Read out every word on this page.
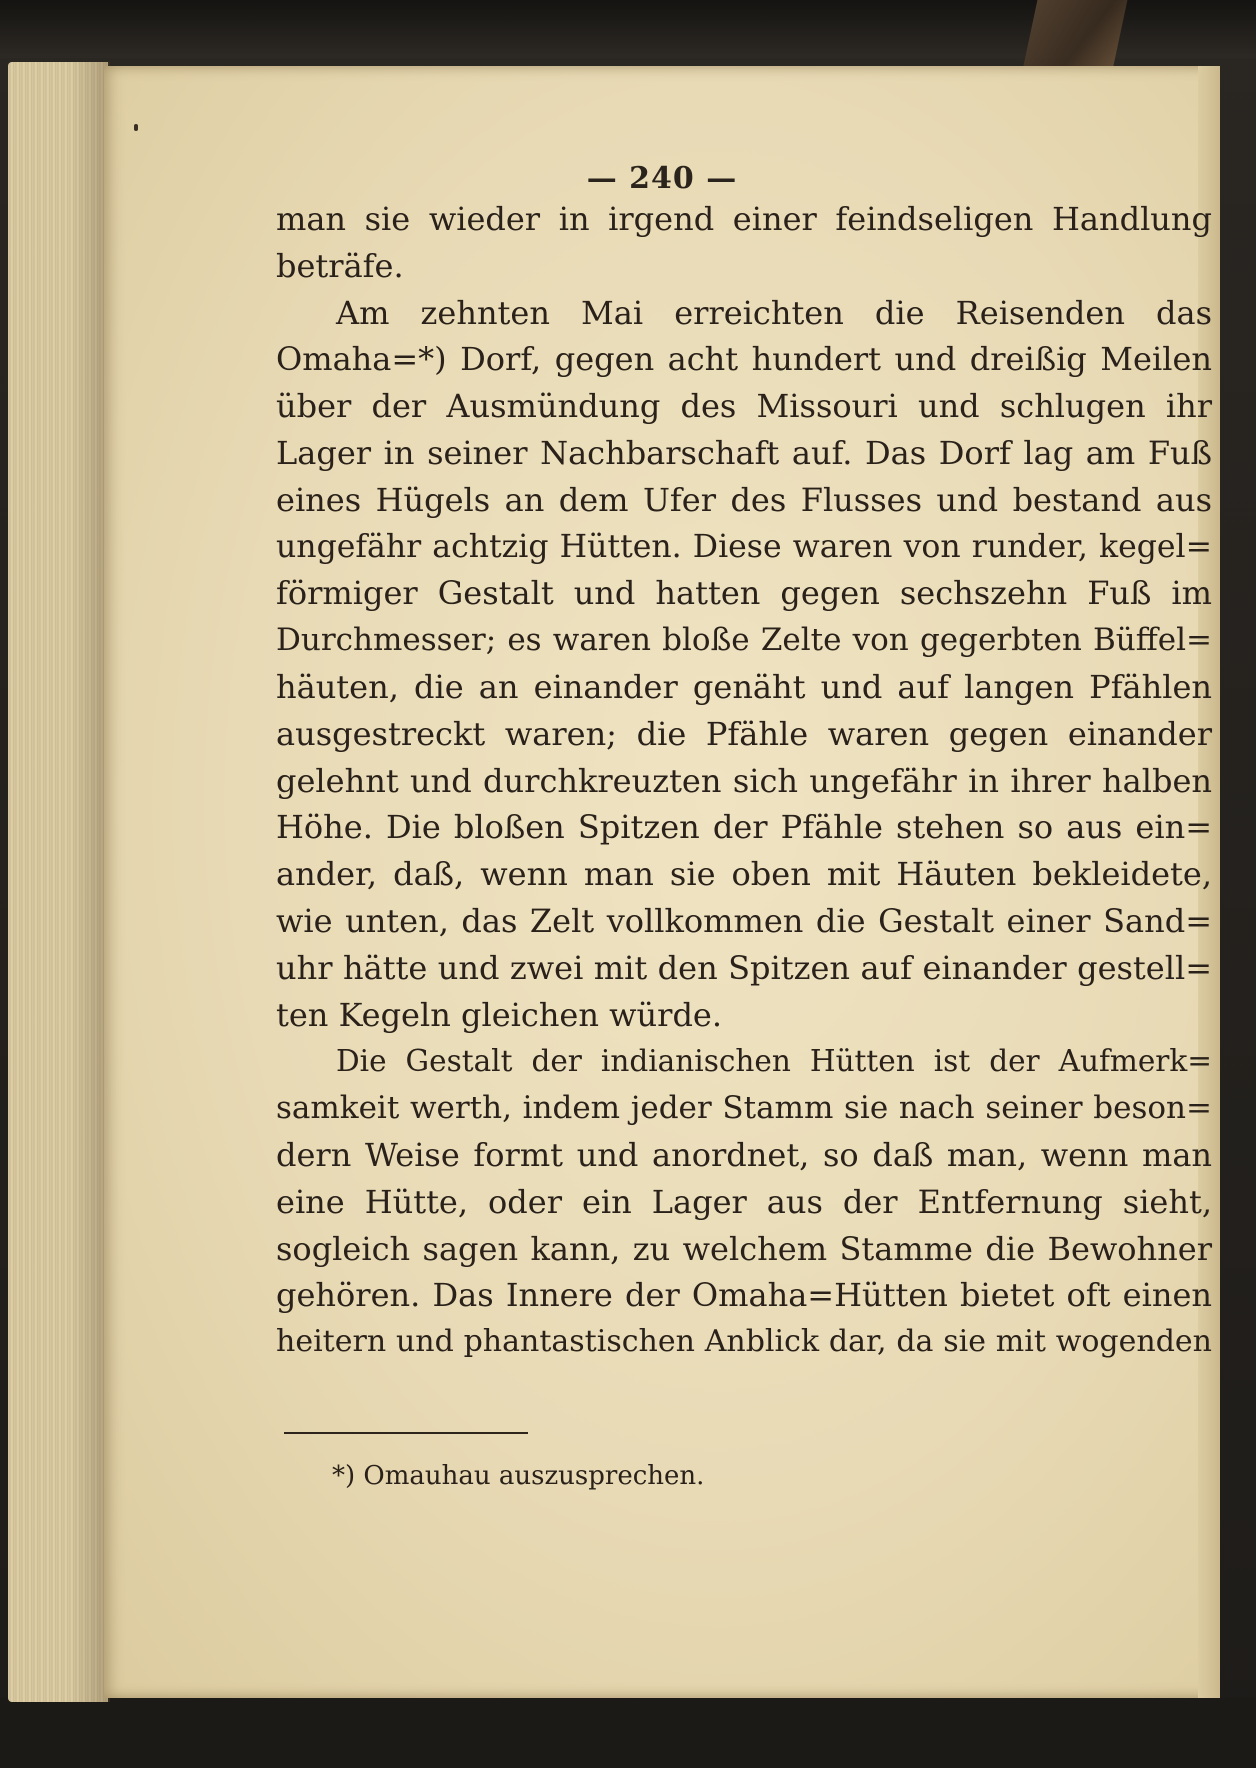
— 240 —
man sie wieder in irgend einer feindseligen Handlung
beträfe.
Am zehnten Mai erreichten die Reisenden das
Omaha=*) Dorf, gegen acht hundert und dreißig Meilen
über der Ausmündung des Missouri und schlugen ihr
Lager in seiner Nachbarschaft auf. Das Dorf lag am Fuß
eines Hügels an dem Ufer des Flusses und bestand aus
ungefähr achtzig Hütten. Diese waren von runder, kegel=
förmiger Gestalt und hatten gegen sechszehn Fuß im
Durchmesser; es waren bloße Zelte von gegerbten Büffel=
häuten, die an einander genäht und auf langen Pfählen
ausgestreckt waren; die Pfähle waren gegen einander
gelehnt und durchkreuzten sich ungefähr in ihrer halben
Höhe. Die bloßen Spitzen der Pfähle stehen so aus ein=
ander, daß, wenn man sie oben mit Häuten bekleidete,
wie unten, das Zelt vollkommen die Gestalt einer Sand=
uhr hätte und zwei mit den Spitzen auf einander gestell=
ten Kegeln gleichen würde.
Die Gestalt der indianischen Hütten ist der Aufmerk=
samkeit werth, indem jeder Stamm sie nach seiner beson=
dern Weise formt und anordnet, so daß man, wenn man
eine Hütte, oder ein Lager aus der Entfernung sieht,
sogleich sagen kann, zu welchem Stamme die Bewohner
gehören. Das Innere der Omaha=Hütten bietet oft einen
heitern und phantastischen Anblick dar, da sie mit wogenden
*) Omauhau auszusprechen.
